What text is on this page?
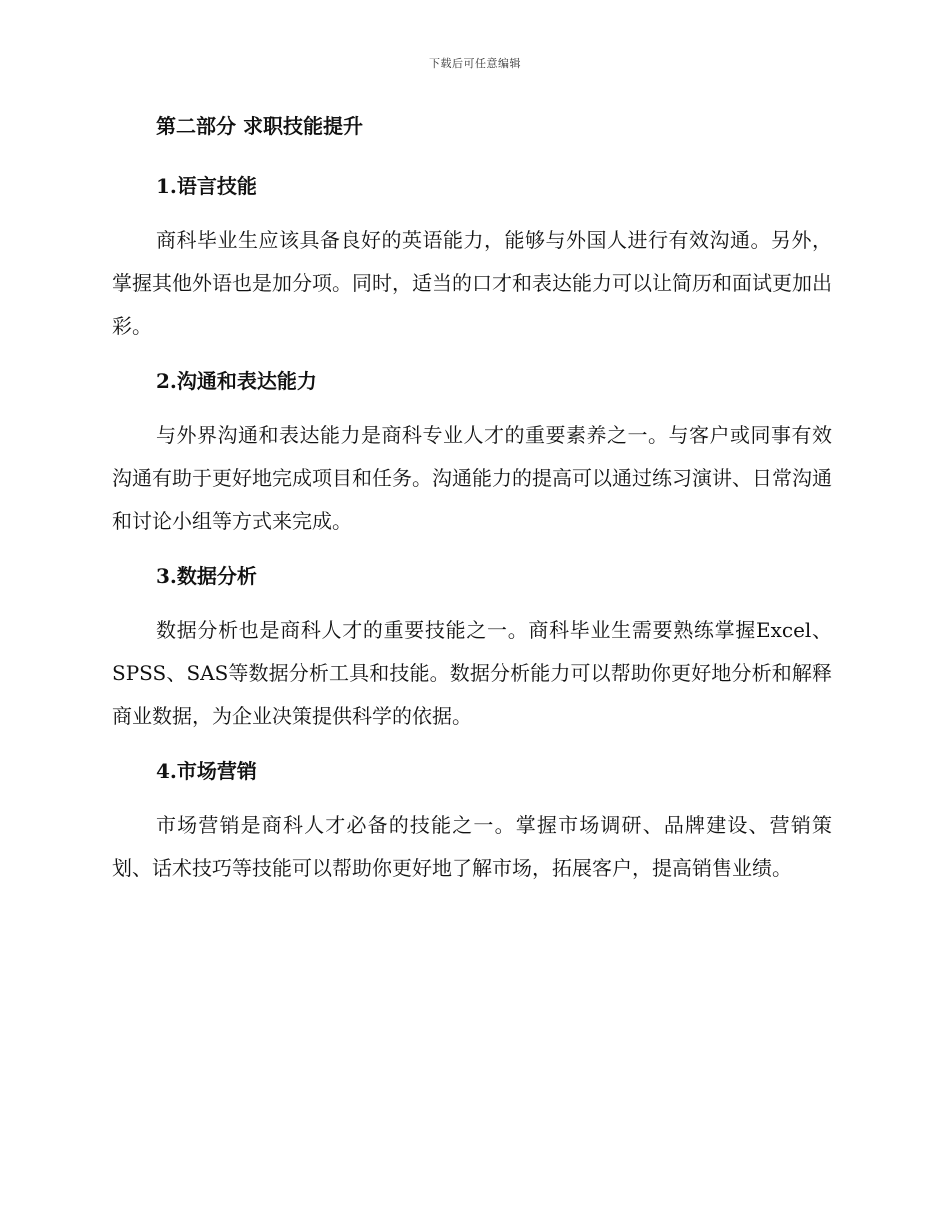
下载后可任意编辑
第二部分 求职技能提升
1.语言技能

商科毕业生应该具备良好的英语能力，能够与外国人进行有效沟通。另外，掌握其他外语也是加分项。同时，适当的口才和表达能力可以让简历和面试更加出彩。

2.沟通和表达能力

与外界沟通和表达能力是商科专业人才的重要素养之一。与客户或同事有效沟通有助于更好地完成项目和任务。沟通能力的提高可以通过练习演讲、日常沟通和讨论小组等方式来完成。

3.数据分析

数据分析也是商科人才的重要技能之一。商科毕业生需要熟练掌握Excel、SPSS、SAS等数据分析工具和技能。数据分析能力可以帮助你更好地分析和解释商业数据，为企业决策提供科学的依据。

4.市场营销

市场营销是商科人才必备的技能之一。掌握市场调研、品牌建设、营销策划、话术技巧等技能可以帮助你更好地了解市场，拓展客户，提高销售业绩。
